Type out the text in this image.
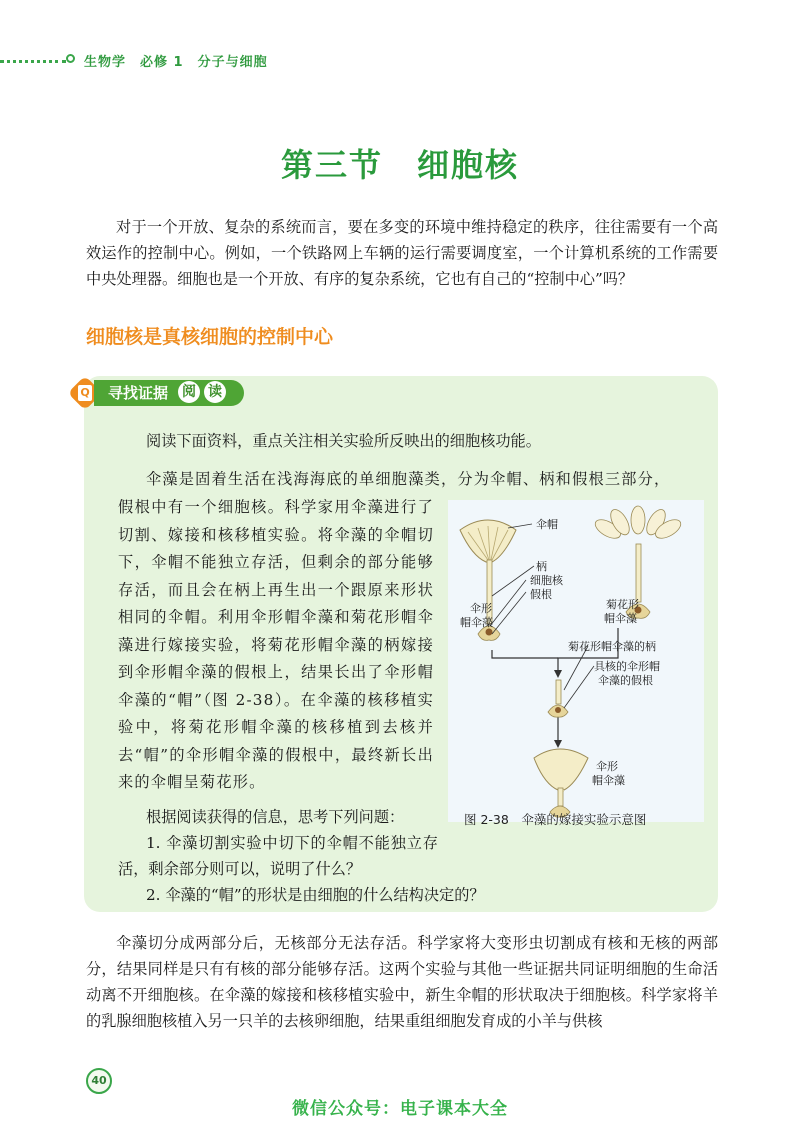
生物学　必修 1　分子与细胞
第三节　细胞核

对于一个开放、复杂的系统而言，要在多变的环境中维持稳定的秩序，往往需要有一个高效运作的控制中心。例如，一个铁路网上车辆的运行需要调度室，一个计算机系统的工作需要中央处理器。细胞也是一个开放、有序的复杂系统，它也有自己的“控制中心”吗？

细胞核是真核细胞的控制中心
Q 寻找证据 阅 读

阅读下面资料，重点关注相关实验所反映出的细胞核功能。

伞藻是固着生活在浅海海底的单细胞藻类，分为伞帽、柄和假根三部分，

假根中有一个细胞核。科学家用伞藻进行了切割、嫁接和核移植实验。将伞藻的伞帽切下，伞帽不能独立存活，但剩余的部分能够存活，而且会在柄上再生出一个跟原来形状相同的伞帽。利用伞形帽伞藻和菊花形帽伞藻进行嫁接实验，将菊花形帽伞藻的柄嫁接到伞形帽伞藻的假根上，结果长出了伞形帽伞藻的“帽”（图 2-38）。在伞藻的核移植实验中，将菊花形帽伞藻的核移植到去核并去“帽”的伞形帽伞藻的假根中，最终新长出来的伞帽呈菊花形。

伞帽
柄
细胞核
假根
伞形
帽伞藻
菊花形
帽伞藻
菊花形帽伞藻的柄
具核的伞形帽
伞藻的假根
伞形
帽伞藻
图 2-38　伞藻的嫁接实验示意图

根据阅读获得的信息，思考下列问题：

1. 伞藻切割实验中切下的伞帽不能独立存活，剩余部分则可以，说明了什么？

2. 伞藻的“帽”的形状是由细胞的什么结构决定的？

伞藻切分成两部分后，无核部分无法存活。科学家将大变形虫切割成有核和无核的两部分，结果同样是只有有核的部分能够存活。这两个实验与其他一些证据共同证明细胞的生命活动离不开细胞核。在伞藻的嫁接和核移植实验中，新生伞帽的形状取决于细胞核。科学家将羊的乳腺细胞核植入另一只羊的去核卵细胞，结果重组细胞发育成的小羊与供核

40
微信公众号：电子课本大全
